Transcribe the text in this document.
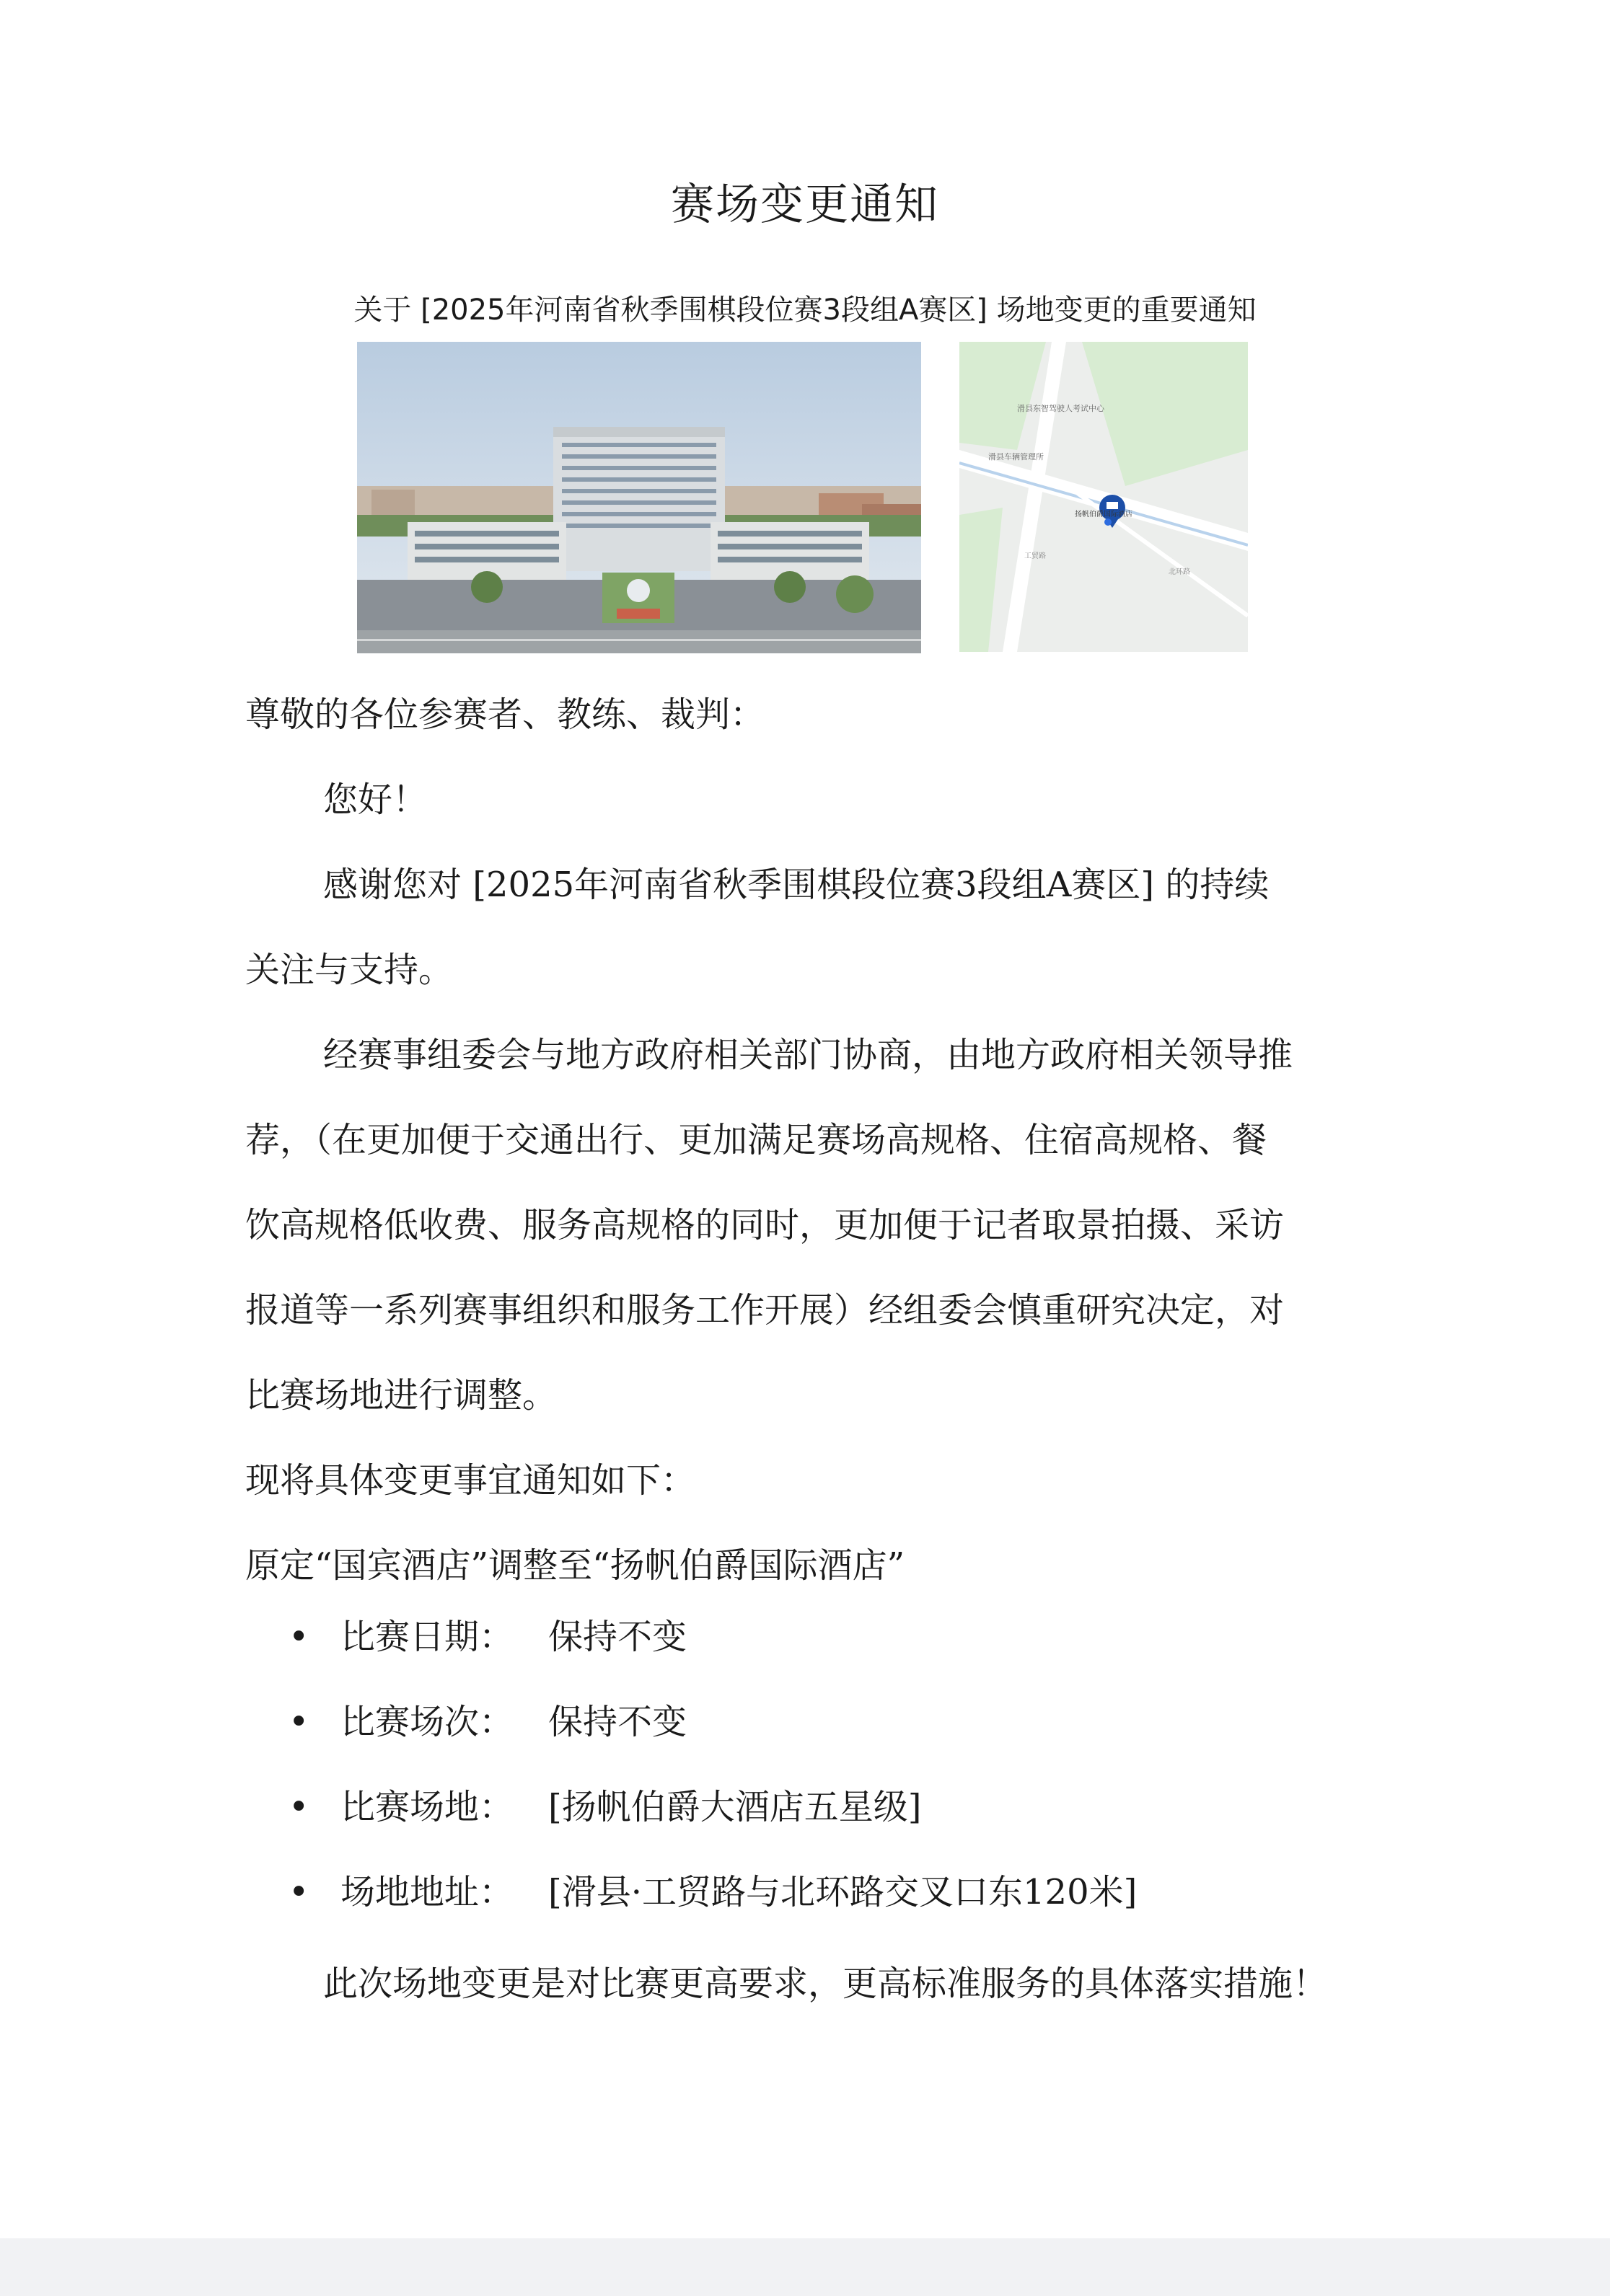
赛场变更通知
关于 [2025年河南省秋季围棋段位赛3段组A赛区] 场地变更的重要通知
滑县东智驾驶人考试中心
滑县车辆管理所
扬帆伯爵国际酒店
工贸路
北环路
尊敬的各位参赛者、教练、裁判：
您好！
感谢您对 [2025年河南省秋季围棋段位赛3段组A赛区] 的持续
关注与支持。
经赛事组委会与地方政府相关部门协商，由地方政府相关领导推
荐，（在更加便于交通出行、更加满足赛场高规格、住宿高规格、餐
饮高规格低收费、服务高规格的同时，更加便于记者取景拍摄、采访
报道等一系列赛事组织和服务工作开展）经组委会慎重研究决定，对
比赛场地进行调整。
现将具体变更事宜通知如下：
原定“国宾酒店”调整至“扬帆伯爵国际酒店”
• 比赛日期： 保持不变
• 比赛场次： 保持不变
• 比赛场地： [扬帆伯爵大酒店五星级]
• 场地地址： [滑县·工贸路与北环路交叉口东120米]
此次场地变更是对比赛更高要求，更高标准服务的具体落实措施！
